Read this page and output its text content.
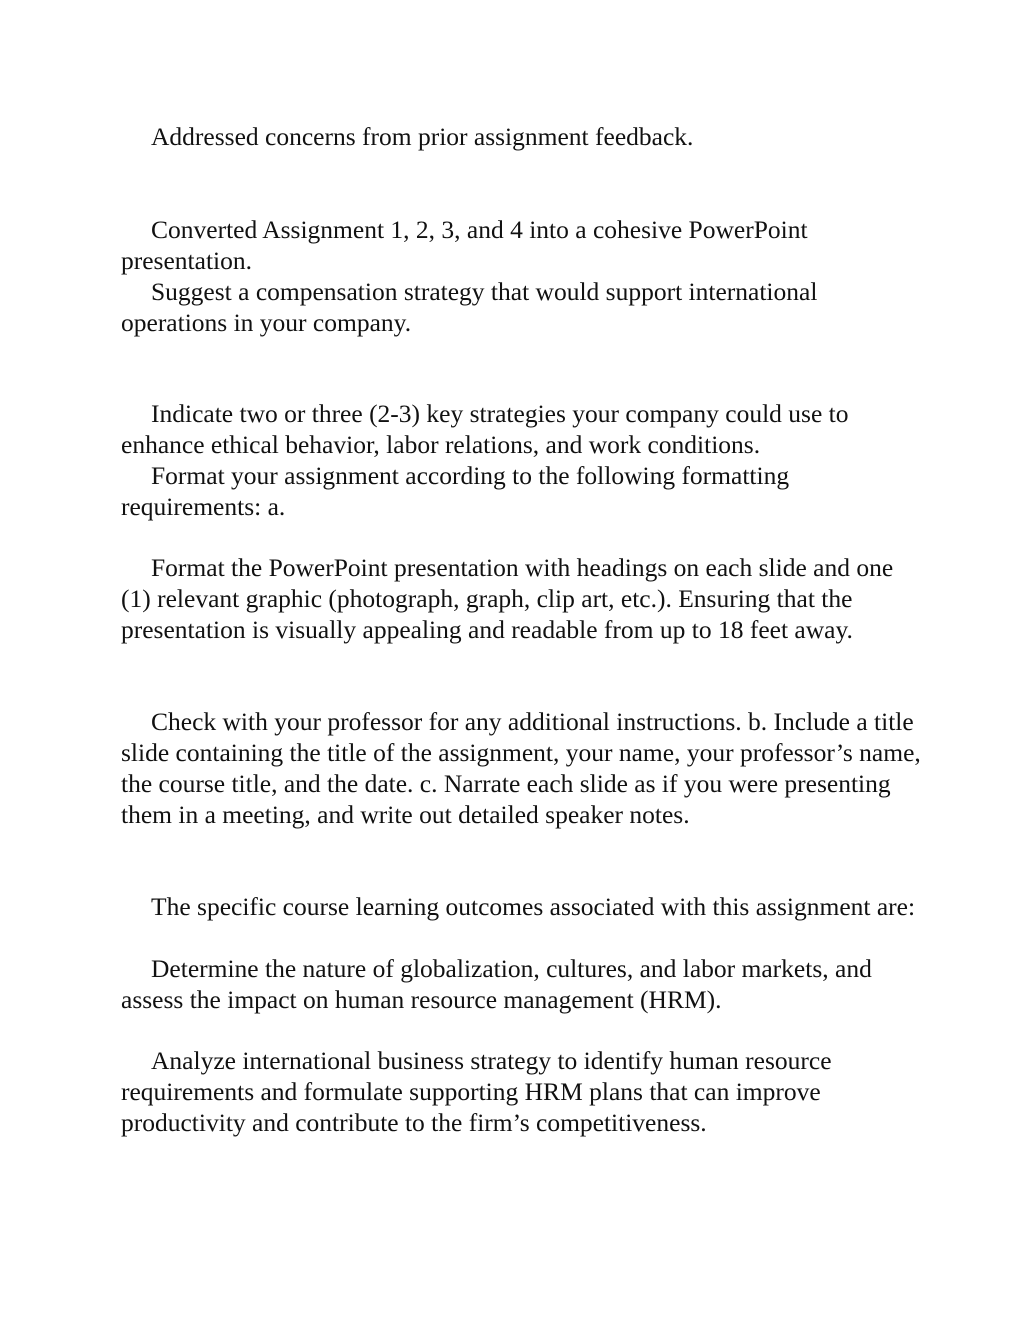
Addressed concerns from prior assignment feedback.

Converted Assignment 1, 2, 3, and 4 into a cohesive PowerPoint presentation.

Suggest a compensation strategy that would support international operations in your company.

Indicate two or three (2-3) key strategies your company could use to enhance ethical behavior, labor relations, and work conditions.

Format your assignment according to the following formatting requirements: a.

Format the PowerPoint presentation with headings on each slide and one (1) relevant graphic (photograph, graph, clip art, etc.). Ensuring that the presentation is visually appealing and readable from up to 18 feet away.

Check with your professor for any additional instructions. b. Include a title slide containing the title of the assignment, your name, your professor’s name, the course title, and the date. c. Narrate each slide as if you were presenting them in a meeting, and write out detailed speaker notes.

The specific course learning outcomes associated with this assignment are:

Determine the nature of globalization, cultures, and labor markets, and assess the impact on human resource management (HRM).

Analyze international business strategy to identify human resource requirements and formulate supporting HRM plans that can improve productivity and contribute to the firm’s competitiveness.
